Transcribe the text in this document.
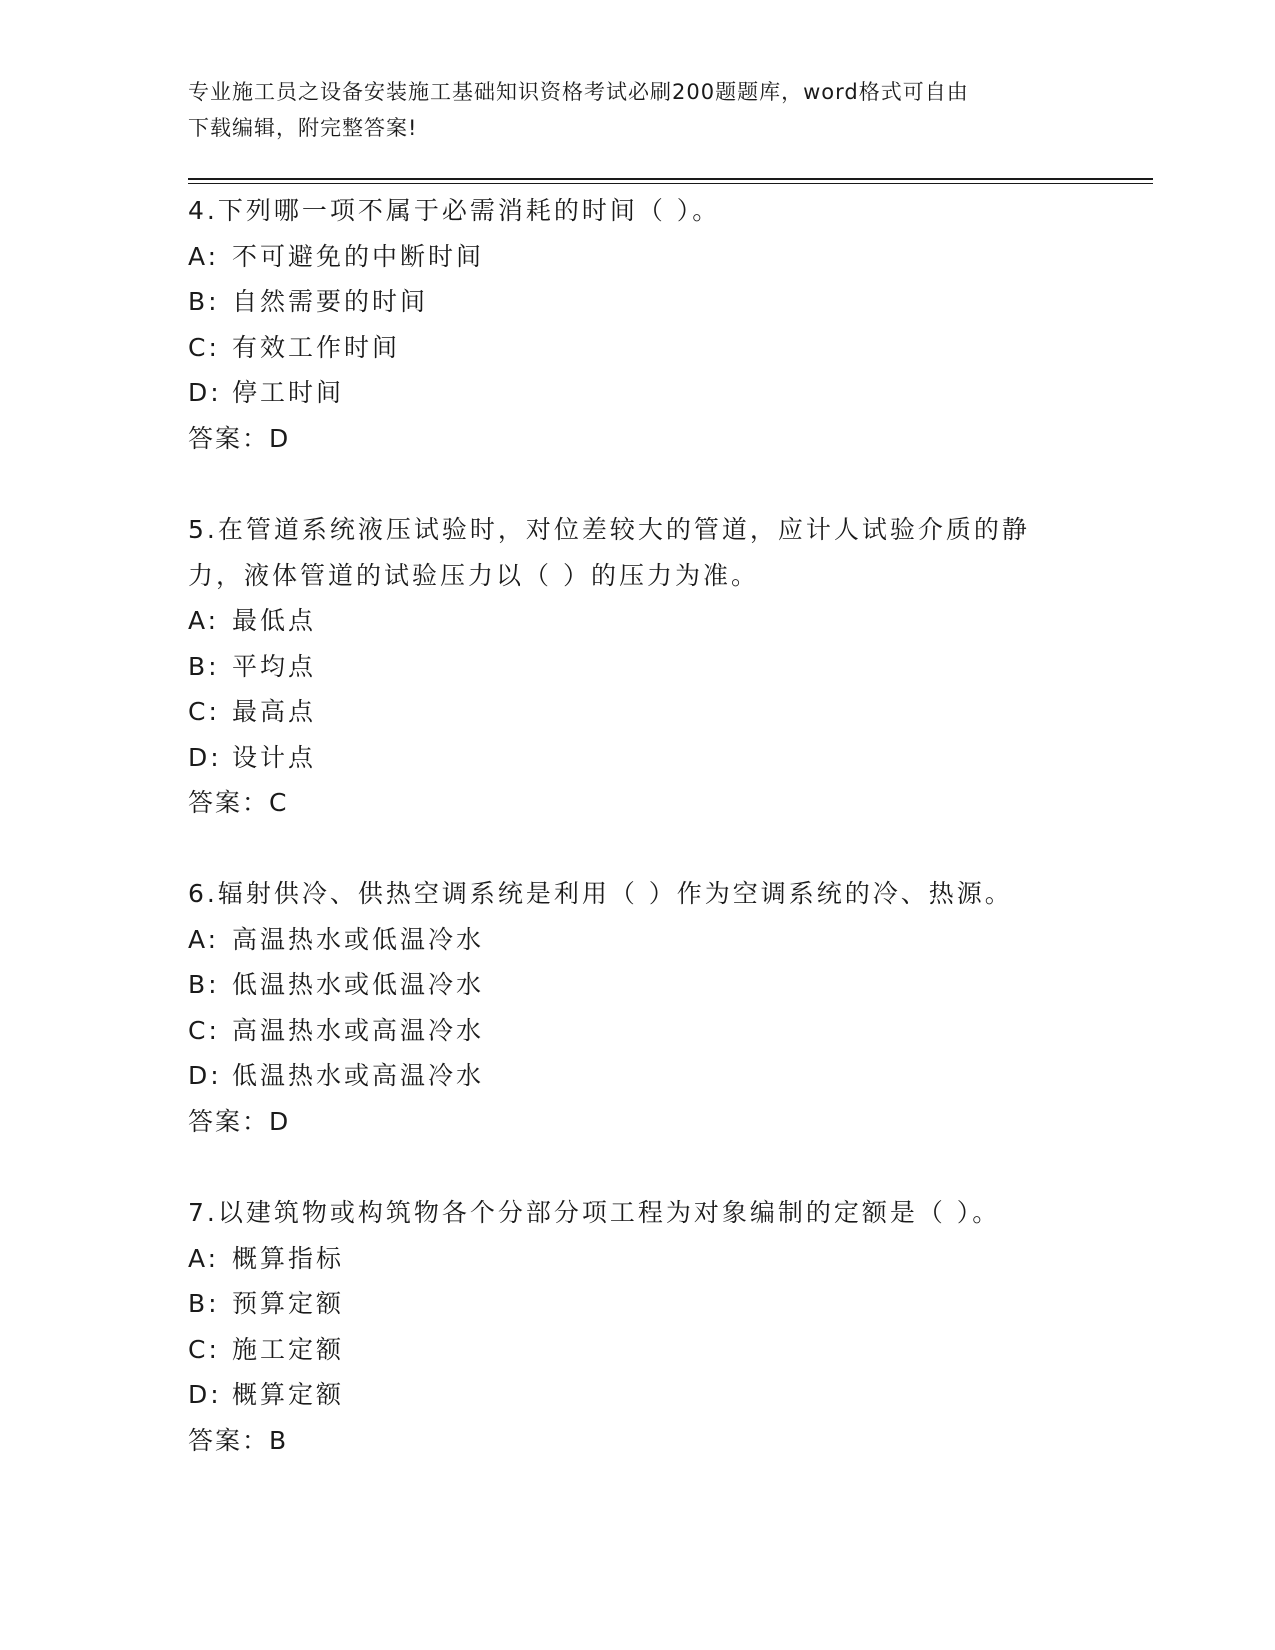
专业施工员之设备安装施工基础知识资格考试必刷200题题库，word格式可自由
下载编辑，附完整答案!
4.下列哪一项不属于必需消耗的时间（ ）。
A: 不可避免的中断时间
B: 自然需要的时间
C: 有效工作时间
D: 停工时间
答案：D
5.在管道系统液压试验时，对位差较大的管道，应计人试验介质的静
力，液体管道的试验压力以（ ）的压力为准。
A: 最低点
B: 平均点
C: 最高点
D: 设计点
答案：C
6.辐射供冷、供热空调系统是利用（ ）作为空调系统的冷、热源。
A: 高温热水或低温冷水
B: 低温热水或低温冷水
C: 高温热水或高温冷水
D: 低温热水或高温冷水
答案：D
7.以建筑物或构筑物各个分部分项工程为对象编制的定额是（ ）。
A: 概算指标
B: 预算定额
C: 施工定额
D: 概算定额
答案：B
